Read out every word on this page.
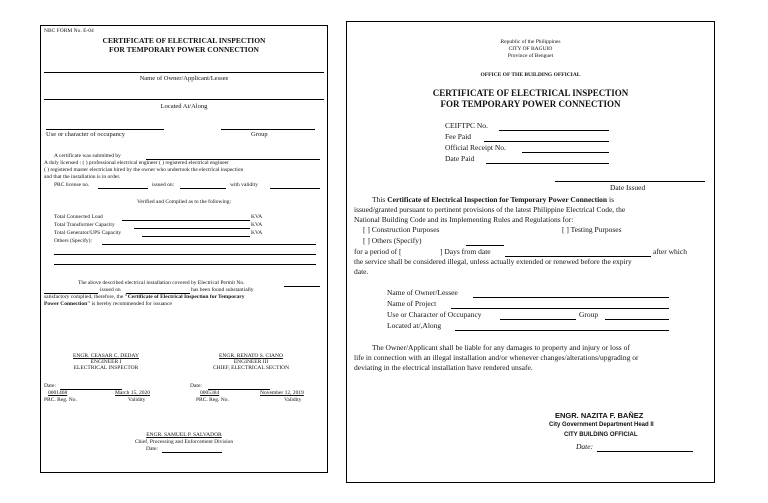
NBC FORM No. E-04
CERTIFICATE OF ELECTRICAL INSPECTION
FOR TEMPORARY POWER CONNECTION
Name of Owner/Applicant/Lessee
Located At/Along
Use or character of occupancy	Group
A certificate was submitted by
A duly licensed : ( ) professional electrical engineer ( ) registered electrical engineer
( ) registered master electrician hired by the owner who undertook the electrical inspection
and that the installation is in order.
PRC license no.	issued on:	with validity
Verified and Complied as to the following:
Total Connected Load	KVA
Total Transformer Capacity	KVA
Total Generator/UPS Capacity	KVA
Others (Specify):
The above described electrical installation covered by Electrical Permit No.
issued on	has been found substantially
satisfactory complied, therefore, the "Certificate of Electrical Inspection for Temporary
Power Connection" is hereby recommended for issuance
ENGR. CEASAR C. DEDAY
ENGINEER I
ELECTRICAL INSPECTOR
ENGR. RENATO S. CIANO
ENGINEER III
CHIEF, ELECTRICAL SECTION
Date:	Date:
0001468	March 15, 2020	0005384	November 12, 2019
PRC. Reg. No.	Validity	PRC. Reg. No.	Validity
ENGR. SAMUEL P. SALVADOR
Chief, Processing and Enforcement Division
Date:
Republic of the Philippines
CITY OF BAGUIO
Province of Benguet
OFFICE OF THE BUILDING OFFICIAL
CERTIFICATE OF ELECTRICAL INSPECTION
FOR TEMPORARY POWER CONNECTION
CEIFTPC No.
Fee Paid
Official Receipt No.
Date Paid
Date Issued
This Certificate of Electrical Inspection for Temporary Power Connection is
issued/granted pursuant to pertinent provisions of the latest Philippine Electrical Code, the
National Building Code and its Implementing Rules and Regulations for:
[ ] Construction Purposes	[ ] Testing Purposes
[ ] Others (Specify)
for a period of [	] Days from date	after which
the service shall be considered illegal, unless actually extended or renewed before the expiry
date.
Name of Owner/Lessee
Name of Project
Use or Character of Occupancy	Group
Located at/,Along
The Owner/Applicant shall be liable for any damages to property and injury or loss of
life in connection with an illegal installation and/or whenever changes/alterations/upgrading or
deviating in the electrical installation have rendered unsafe.
ENGR. NAZITA F. BAÑEZ
City Government Department Head II
CITY BUILDING OFFICIAL
Date:
